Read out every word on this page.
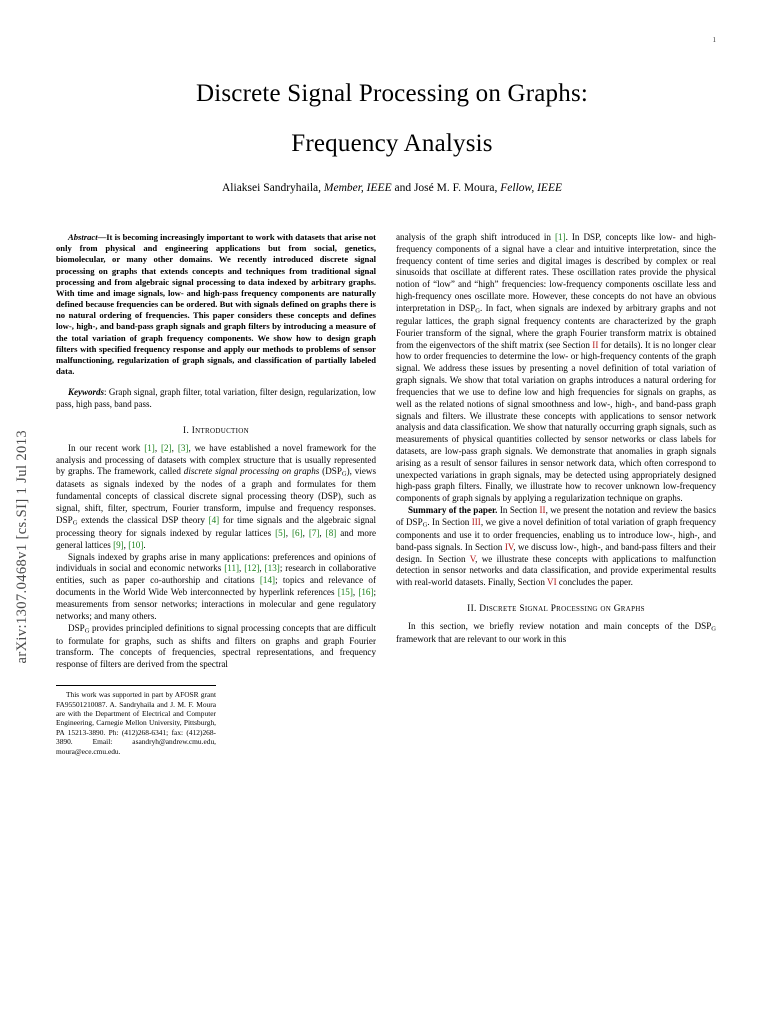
arXiv:1307.0468v1 [cs.SI] 1 Jul 2013
1
Discrete Signal Processing on Graphs:
Frequency Analysis
Aliaksei Sandryhaila, Member, IEEE and José M. F. Moura, Fellow, IEEE
Abstract—It is becoming increasingly important to work with datasets that arise not only from physical and engineering applications but from social, genetics, biomolecular, or many other domains. We recently introduced discrete signal processing on graphs that extends concepts and techniques from traditional signal processing and from algebraic signal processing to data indexed by arbitrary graphs. With time and image signals, low- and high-pass frequency components are naturally defined because frequencies can be ordered. But with signals defined on graphs there is no natural ordering of frequencies. This paper considers these concepts and defines low-, high-, and band-pass graph signals and graph filters by introducing a measure of the total variation of graph frequency components. We show how to design graph filters with specified frequency response and apply our methods to problems of sensor malfunctioning, regularization of graph signals, and classification of partially labeled data.
Keywords: Graph signal, graph filter, total variation, filter design, regularization, low pass, high pass, band pass.
I. Introduction

In our recent work [1], [2], [3], we have established a novel framework for the analysis and processing of datasets with complex structure that is usually represented by graphs. The framework, called discrete signal processing on graphs $(DSP_G)$, views datasets as signals indexed by the nodes of a graph and formulates for them fundamental concepts of classical discrete signal processing theory (DSP), such as signal, shift, filter, spectrum, Fourier transform, impulse and frequency responses. $DSP_G$ extends the classical DSP theory [4] for time signals and the algebraic signal processing theory for signals indexed by regular lattices [5], [6], [7], [8] and more general lattices [9], [10].

Signals indexed by graphs arise in many applications: preferences and opinions of individuals in social and economic networks [11], [12], [13]; research in collaborative entities, such as paper co-authorship and citations [14]; topics and relevance of documents in the World Wide Web interconnected by hyperlink references [15], [16]; measurements from sensor networks; interactions in molecular and gene regulatory networks; and many others.

$DSP_G$ provides principled definitions to signal processing concepts that are difficult to formulate for graphs, such as shifts and filters on graphs and graph Fourier transform. The concepts of frequencies, spectral representations, and frequency response of filters are derived from the spectral

This work was supported in part by AFOSR grant FA95501210087. A. Sandryhaila and J. M. F. Moura are with the Department of Electrical and Computer Engineering, Carnegie Mellon University, Pittsburgh, PA 15213-3890. Ph: (412)268-6341; fax: (412)268-3890. Email: asandryh@andrew.cmu.edu, moura@ece.cmu.edu.

analysis of the graph shift introduced in [1]. In DSP, concepts like low- and high-frequency components of a signal have a clear and intuitive interpretation, since the frequency content of time series and digital images is described by complex or real sinusoids that oscillate at different rates. These oscillation rates provide the physical notion of “low” and “high” frequencies: low-frequency components oscillate less and high-frequency ones oscillate more. However, these concepts do not have an obvious interpretation in $DSP_G$. In fact, when signals are indexed by arbitrary graphs and not regular lattices, the graph signal frequency contents are characterized by the graph Fourier transform of the signal, where the graph Fourier transform matrix is obtained from the eigenvectors of the shift matrix (see Section II for details). It is no longer clear how to order frequencies to determine the low- or high-frequency contents of the graph signal. We address these issues by presenting a novel definition of total variation of graph signals. We show that total variation on graphs introduces a natural ordering for frequencies that we use to define low and high frequencies for signals on graphs, as well as the related notions of signal smoothness and low-, high-, and band-pass graph signals and filters. We illustrate these concepts with applications to sensor network analysis and data classification. We show that naturally occurring graph signals, such as measurements of physical quantities collected by sensor networks or class labels for datasets, are low-pass graph signals. We demonstrate that anomalies in graph signals arising as a result of sensor failures in sensor network data, which often correspond to unexpected variations in graph signals, may be detected using appropriately designed high-pass graph filters. Finally, we illustrate how to recover unknown low-frequency components of graph signals by applying a regularization technique on graphs.

Summary of the paper. In Section II, we present the notation and review the basics of $DSP_G$. In Section III, we give a novel definition of total variation of graph frequency components and use it to order frequencies, enabling us to introduce low-, high-, and band-pass signals. In Section IV, we discuss low-, high-, and band-pass filters and their design. In Section V, we illustrate these concepts with applications to malfunction detection in sensor networks and data classification, and provide experimental results with real-world datasets. Finally, Section VI concludes the paper.

II. Discrete Signal Processing on Graphs

In this section, we briefly review notation and main concepts of the $DSP_G$ framework that are relevant to our work in this
